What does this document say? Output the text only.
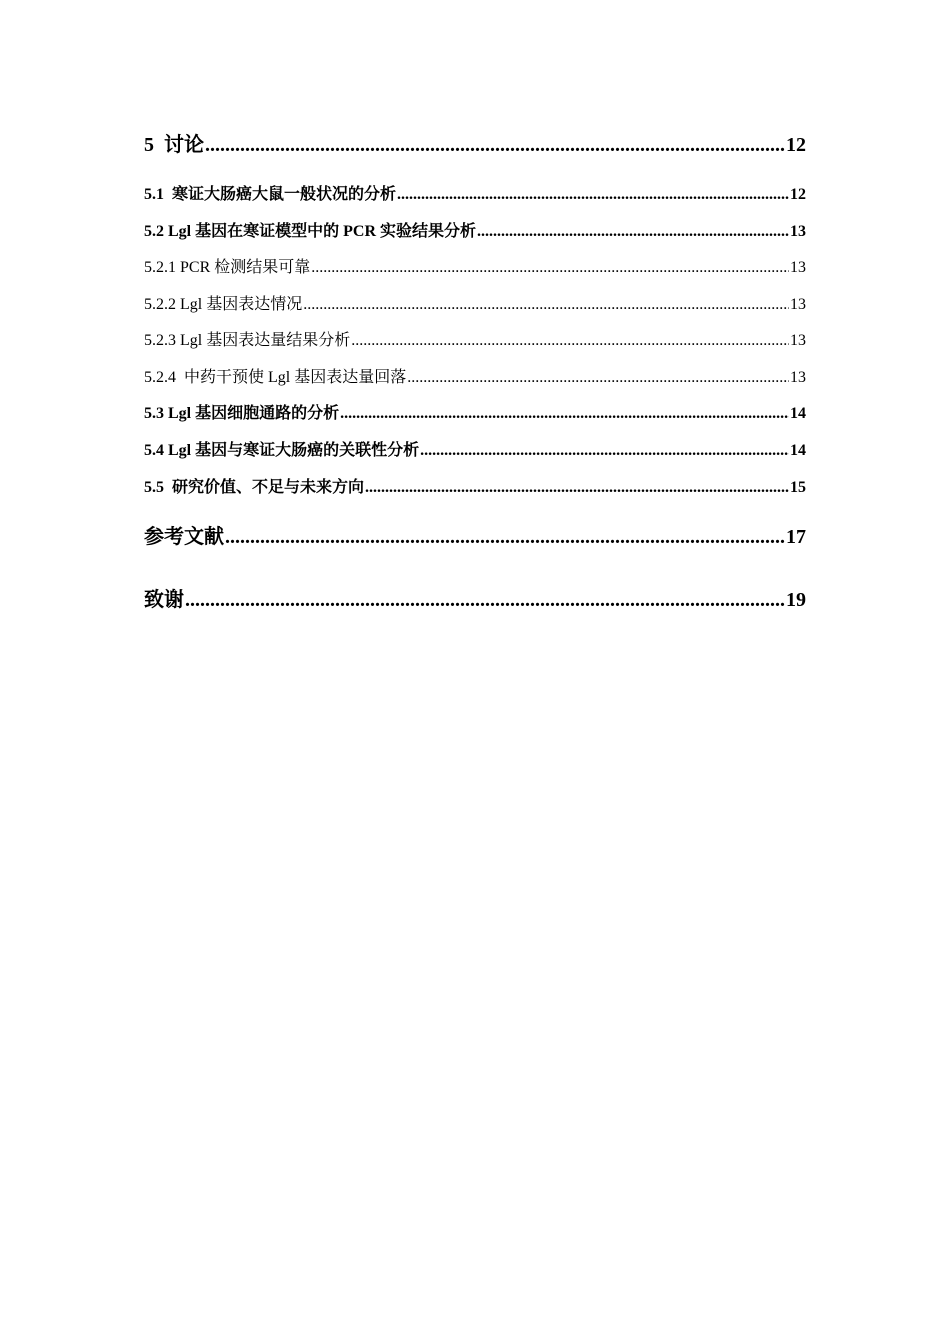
5  讨论 .....	12
5.1  寒证大肠癌大鼠一般状况的分析 .....	12
5.2 Lgl 基因在寒证模型中的 PCR 实验结果分析 .....	13
5.2.1 PCR 检测结果可靠 .....	13
5.2.2 Lgl 基因表达情况 .....	13
5.2.3 Lgl 基因表达量结果分析 .....	13
5.2.4  中药干预使 Lgl 基因表达量回落 .....	13
5.3 Lgl 基因细胞通路的分析 .....	14
5.4 Lgl 基因与寒证大肠癌的关联性分析 .....	14
5.5  研究价值、不足与未来方向 .....	15
参考文献 .....	17
致谢 .....	19
